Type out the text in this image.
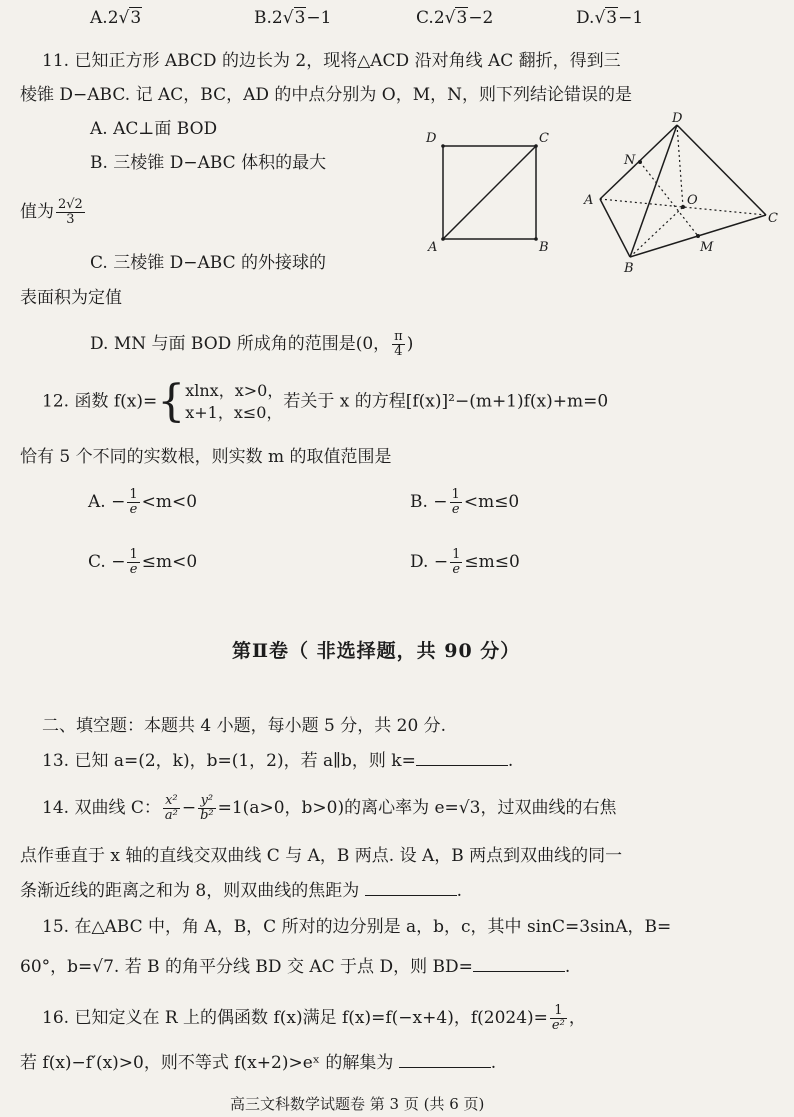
A.2√3	B.2√3−1	C.2√3−2	D.√3−1
11. 已知正方形 ABCD 的边长为 2，现将△ACD 沿对角线 AC 翻折，得到三
棱锥 D−ABC. 记 AC，BC，AD 的中点分别为 O，M，N，则下列结论错误的是
A. AC⊥面 BOD
B. 三棱锥 D−ABC 体积的最大
值为 $\frac{2√2}{3}$
C. 三棱锥 D−ABC 的外接球的
表面积为定值
D. MN 与面 BOD 所成角的范围是(0， $\frac{\pi}{4}$ )
D	C
A	B
D
N
A	O
C
M
B
12. 函数 f(x)={ xlnx，x>0，
x+1，x≤0，
若关于 x 的方程[f(x)]²−(m+1)f(x)+m=0
恰有 5 个不同的实数根，则实数 m 的取值范围是
A. − $\frac{1}{e} <m<0$	B. − $\frac{1}{e} <m\le 0$
C. − $\frac{1}{e} \le m<0$	D. − $\frac{1}{e} \le m\le 0$
第Ⅱ卷（ 非选择题，共 90 分）
二、填空题：本题共 4 小题，每小题 5 分，共 20 分.
13. 已知 a=(2，k)，b=(1，2)，若 a∥b，则 k=	.
14. 双曲线 C： $\frac{\text{x²}}{\text{a²}} - \frac{\text{y²}}{\text{b²}} =1(a>0$，b>0)的离心率为 e=√3，过双曲线的右焦
点作垂直于 x 轴的直线交双曲线 C 与 A，B 两点. 设 A，B 两点到双曲线的同一
条渐近线的距离之和为 8，则双曲线的焦距为	.
15. 在△ABC 中，角 A，B，C 所对的边分别是 a，b，c，其中 sinC=3sinA，B=
60°，b=√7. 若 B 的角平分线 BD 交 AC 于点 D，则 BD=	.
16. 已知定义在 R 上的偶函数 f(x)满足 f(x)=f(−x+4)，$f(2024)= \frac{1}{\text{e²}}$ ，
若 f(x)−f′(x)>0，则不等式 f(x+2)>eˣ 的解集为	.
高三文科数学试题卷 第 3 页 (共 6 页)
